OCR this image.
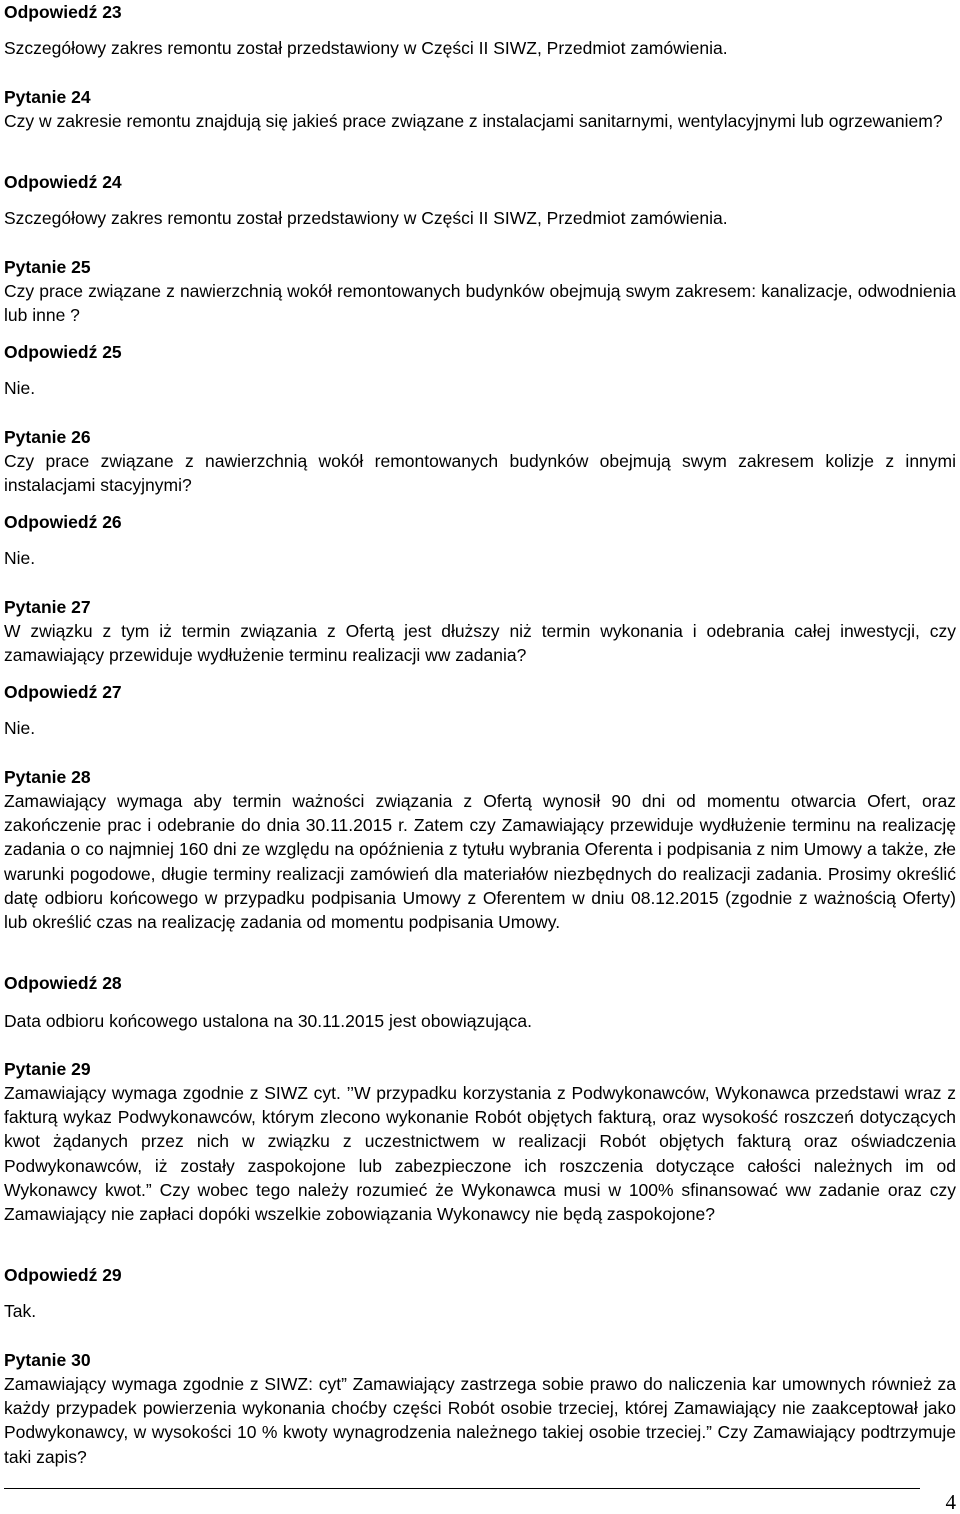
Odpowiedź 23
Szczegółowy zakres remontu został przedstawiony w Części II SIWZ, Przedmiot zamówienia.
Pytanie 24
Czy w zakresie remontu znajdują się jakieś prace związane z instalacjami sanitarnymi, wentylacyjnymi lub ogrzewaniem?
Odpowiedź 24
Szczegółowy zakres remontu został przedstawiony w Części II SIWZ, Przedmiot zamówienia.
Pytanie 25
Czy prace związane z nawierzchnią wokół remontowanych budynków obejmują swym zakresem: kanalizacje, odwodnienia lub inne ?
Odpowiedź 25
Nie.
Pytanie 26
Czy prace związane z nawierzchnią wokół remontowanych budynków obejmują swym zakresem kolizje z innymi instalacjami stacyjnymi?
Odpowiedź 26
Nie.
Pytanie 27
W związku z tym iż termin związania z Ofertą jest dłuższy niż termin wykonania i odebrania całej inwestycji, czy zamawiający przewiduje wydłużenie terminu realizacji ww zadania?
Odpowiedź 27
Nie.
Pytanie 28
Zamawiający wymaga aby termin ważności związania z Ofertą wynosił 90 dni od momentu otwarcia Ofert, oraz zakończenie prac i odebranie do dnia 30.11.2015 r. Zatem czy Zamawiający przewiduje wydłużenie terminu na realizację zadania o co najmniej 160 dni ze względu na opóźnienia z tytułu wybrania Oferenta i podpisania z nim Umowy a także, złe warunki pogodowe, długie terminy realizacji zamówień dla materiałów niezbędnych do realizacji zadania. Prosimy określić datę odbioru końcowego w przypadku podpisania Umowy z Oferentem w dniu 08.12.2015 (zgodnie z ważnością Oferty) lub określić czas na realizację zadania od momentu podpisania Umowy.
Odpowiedź 28
Data odbioru końcowego ustalona na 30.11.2015 jest obowiązująca.
Pytanie 29
Zamawiający wymaga zgodnie z SIWZ cyt. ’’W przypadku korzystania z Podwykonawców, Wykonawca przedstawi wraz z fakturą wykaz Podwykonawców, którym zlecono wykonanie Robót objętych fakturą, oraz wysokość roszczeń dotyczących kwot żądanych przez nich w związku z uczestnictwem w realizacji Robót objętych fakturą oraz oświadczenia Podwykonawców, iż zostały zaspokojone lub zabezpieczone ich roszczenia dotyczące całości należnych im od Wykonawcy kwot.” Czy wobec tego należy rozumieć że Wykonawca musi w 100% sfinansować ww zadanie oraz czy Zamawiający nie zapłaci dopóki wszelkie zobowiązania Wykonawcy nie będą zaspokojone?
Odpowiedź 29
Tak.
Pytanie 30
Zamawiający wymaga zgodnie z SIWZ: cyt” Zamawiający zastrzega sobie prawo do naliczenia kar umownych również za każdy przypadek powierzenia wykonania choćby części Robót osobie trzeciej, której Zamawiający nie zaakceptował jako Podwykonawcy, w wysokości 10 % kwoty wynagrodzenia należnego takiej osobie trzeciej.” Czy Zamawiający podtrzymuje taki zapis?
4
